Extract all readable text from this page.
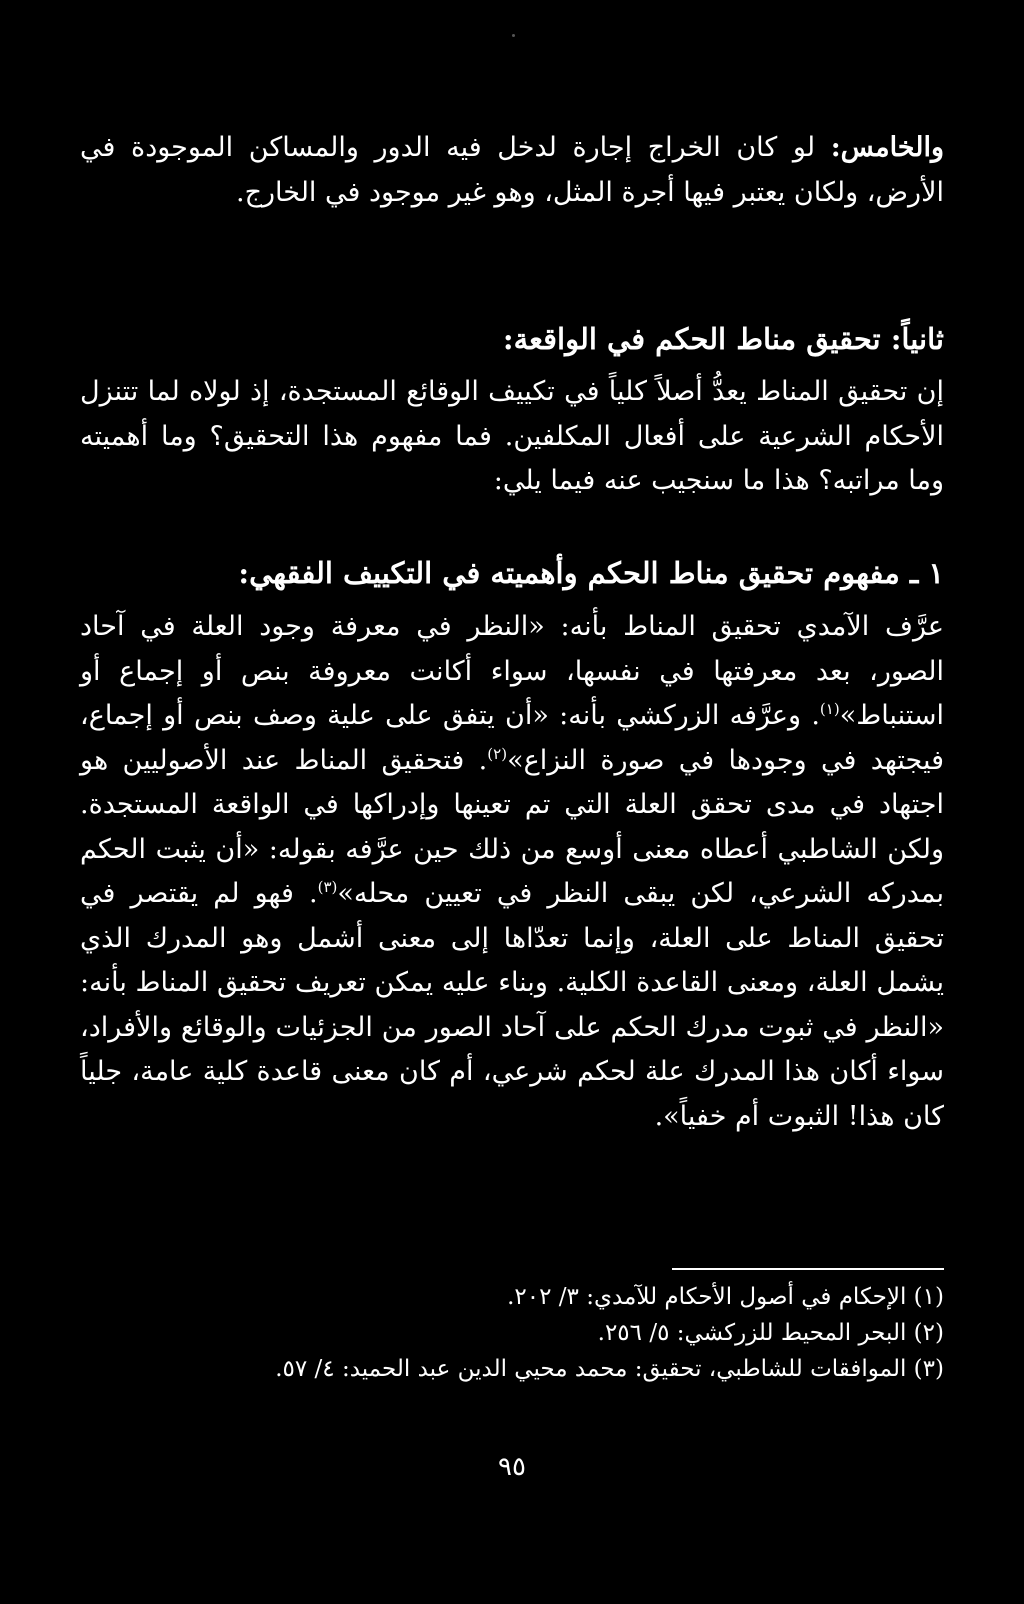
والخامس: لو كان الخراج إجارة لدخل فيه الدور والمساكن الموجودة في الأرض، ولكان يعتبر فيها أجرة المثل، وهو غير موجود في الخارج.
ثانياً: تحقيق مناط الحكم في الواقعة:
إن تحقيق المناط يعدُّ أصلاً كلياً في تكييف الوقائع المستجدة، إذ لولاه لما تتنزل الأحكام الشرعية على أفعال المكلفين. فما مفهوم هذا التحقيق؟ وما أهميته وما مراتبه؟ هذا ما سنجيب عنه فيما يلي:
١ ـ مفهوم تحقيق مناط الحكم وأهميته في التكييف الفقهي:
عرَّف الآمدي تحقيق المناط بأنه: «النظر في معرفة وجود العلة في آحاد الصور، بعد معرفتها في نفسها، سواء أكانت معروفة بنص أو إجماع أو استنباط»$^{(١)}$. وعرَّفه الزركشي بأنه: «أن يتفق على علية وصف بنص أو إجماع، فيجتهد في وجودها في صورة النزاع»$^{(٢)}$. فتحقيق المناط عند الأصوليين هو اجتهاد في مدى تحقق العلة التي تم تعينها وإدراكها في الواقعة المستجدة. ولكن الشاطبي أعطاه معنى أوسع من ذلك حين عرَّفه بقوله: «أن يثبت الحكم بمدركه الشرعي، لكن يبقى النظر في تعيين محله»$^{(٣)}$. فهو لم يقتصر في تحقيق المناط على العلة، وإنما تعدّاها إلى معنى أشمل وهو المدرك الذي يشمل العلة، ومعنى القاعدة الكلية. وبناء عليه يمكن تعريف تحقيق المناط بأنه: «النظر في ثبوت مدرك الحكم على آحاد الصور من الجزئيات والوقائع والأفراد، سواء أكان هذا المدرك علة لحكم شرعي، أم كان معنى قاعدة كلية عامة، جلياً كان هذا! الثبوت أم خفياً».
(١) الإحكام في أصول الأحكام للآمدي: ٣/ ٢٠٢.
(٢) البحر المحيط للزركشي: ٥/ ٢٥٦.
(٣) الموافقات للشاطبي، تحقيق: محمد محيي الدين عبد الحميد: ٤/ ٥٧.
٩٥
